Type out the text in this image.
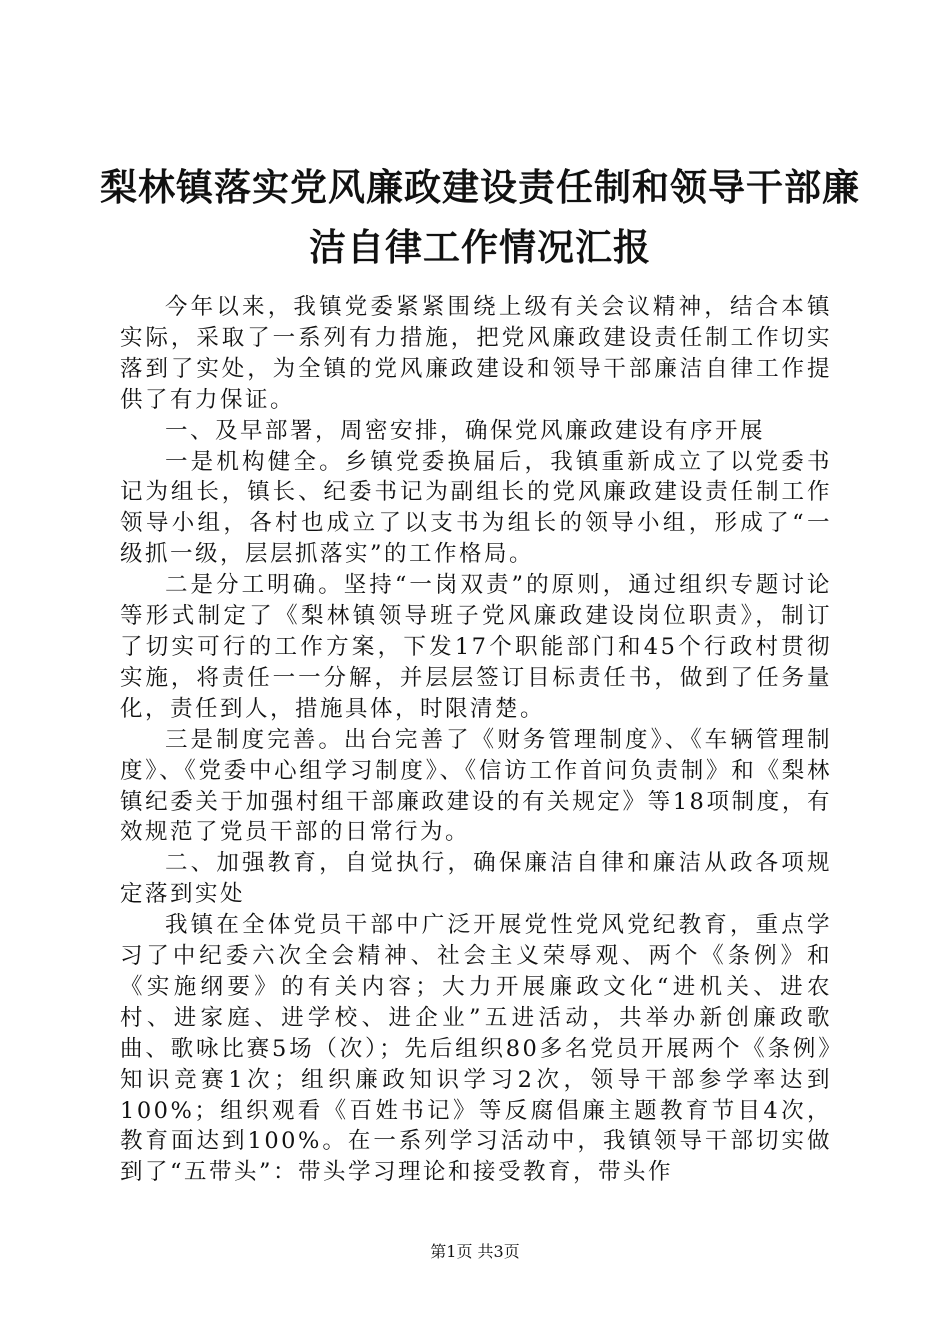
梨林镇落实党风廉政建设责任制和领导干部廉洁自律工作情况汇报

今年以来，我镇党委紧紧围绕上级有关会议精神，结合本镇实际，采取了一系列有力措施，把党风廉政建设责任制工作切实落到了实处，为全镇的党风廉政建设和领导干部廉洁自律工作提供了有力保证。

一、及早部署，周密安排，确保党风廉政建设有序开展

一是机构健全。乡镇党委换届后，我镇重新成立了以党委书记为组长，镇长、纪委书记为副组长的党风廉政建设责任制工作领导小组，各村也成立了以支书为组长的领导小组，形成了“一级抓一级，层层抓落实”的工作格局。

二是分工明确。坚持“一岗双责”的原则，通过组织专题讨论等形式制定了《梨林镇领导班子党风廉政建设岗位职责》，制订了切实可行的工作方案，下发17个职能部门和45个行政村贯彻实施，将责任一一分解，并层层签订目标责任书，做到了任务量化，责任到人，措施具体，时限清楚。

三是制度完善。出台完善了《财务管理制度》、《车辆管理制度》、《党委中心组学习制度》、《信访工作首问负责制》和《梨林镇纪委关于加强村组干部廉政建设的有关规定》等18项制度，有效规范了党员干部的日常行为。

二、加强教育，自觉执行，确保廉洁自律和廉洁从政各项规定落到实处

我镇在全体党员干部中广泛开展党性党风党纪教育，重点学习了中纪委六次全会精神、社会主义荣辱观、两个《条例》和《实施纲要》的有关内容；大力开展廉政文化“进机关、进农村、进家庭、进学校、进企业”五进活动，共举办新创廉政歌曲、歌咏比赛5场（次）；先后组织80多名党员开展两个《条例》知识竞赛1次；组织廉政知识学习2次，领导干部参学率达到100%；组织观看《百姓书记》等反腐倡廉主题教育节目4次，教育面达到100%。在一系列学习活动中，我镇领导干部切实做到了“五带头”：带头学习理论和接受教育，带头作

第1页 共3页
